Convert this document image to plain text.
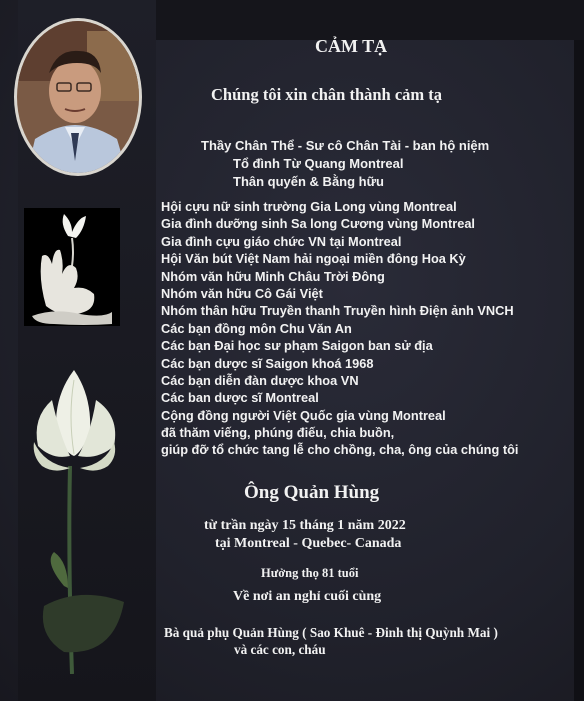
CẢM TẠ
Chúng tôi xin chân thành cảm tạ
Thầy Chân Thể - Sư cô Chân Tài - ban hộ niệm
Tổ đình Từ Quang Montreal
Thân quyến & Bằng hữu
Hội cựu nữ sinh trường Gia Long vùng Montreal
Gia đình dưỡng sinh Sa long Cương vùng Montreal
Gia đình cựu giáo chức VN tại Montreal
Hội Văn bút Việt Nam hải ngoại miền đông Hoa Kỳ
Nhóm văn hữu Minh Châu Trời Đông
Nhóm văn hữu Cô Gái Việt
Nhóm thân hữu Truyền thanh Truyền hình Điện ảnh VNCH
Các bạn đồng môn Chu Văn An
Các bạn Đại học sư phạm Saigon ban sử địa
Các bạn dược sĩ Saigon khoá 1968
Các bạn diễn đàn dược khoa VN
Các ban dược sĩ Montreal
Cộng đồng người Việt Quốc gia vùng Montreal
đã thăm viếng, phúng điếu, chia buồn,
giúp đỡ tổ chức tang lễ cho chồng, cha, ông của chúng tôi
Ông Quản Hùng
từ trần ngày 15 tháng 1 năm 2022
tại Montreal - Quebec- Canada
Hưởng thọ 81 tuổi
Về nơi an nghỉ cuối cùng
Bà quả phụ Quản Hùng ( Sao Khuê - Đinh thị Quỳnh Mai )
và các con, cháu
